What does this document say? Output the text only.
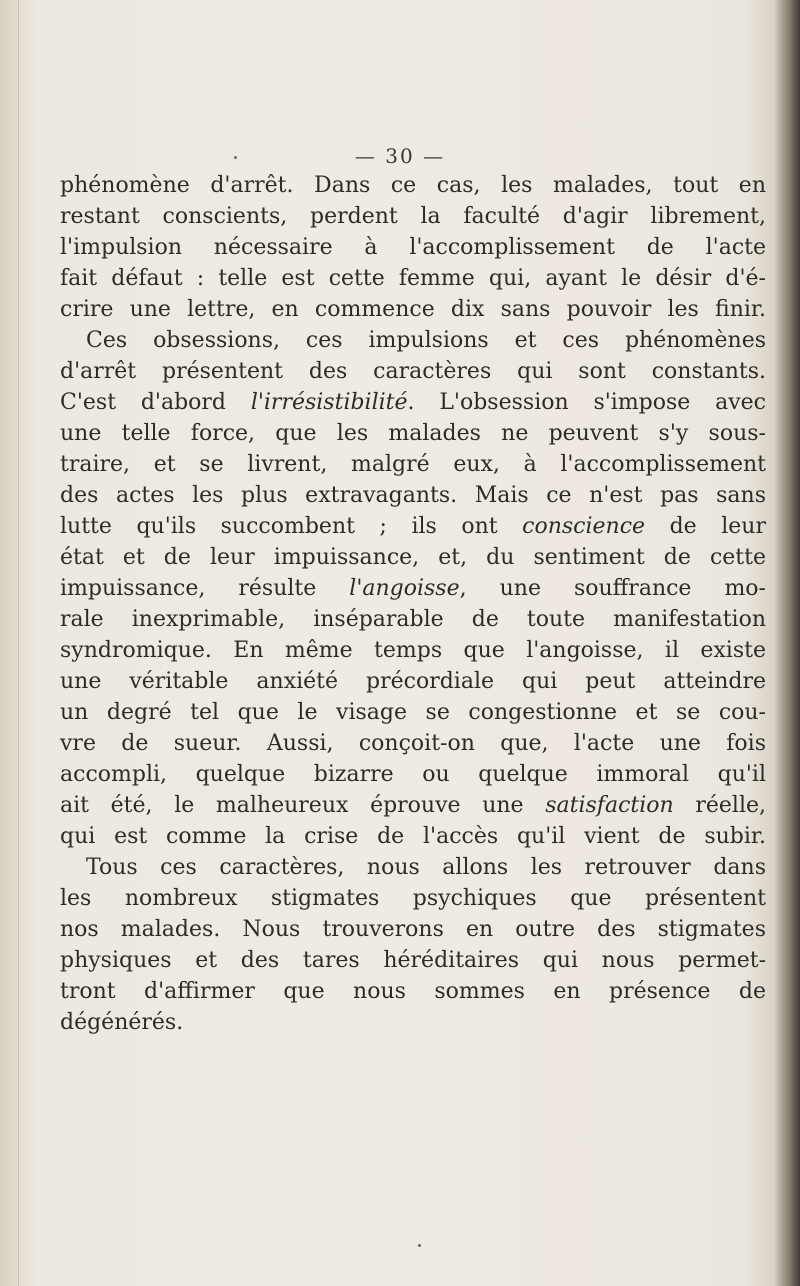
— 30 —
phénomène d'arrêt. Dans ce cas, les malades, tout en
restant conscients, perdent la faculté d'agir librement,
l'impulsion nécessaire à l'accomplissement de l'acte
fait défaut : telle est cette femme qui, ayant le désir d'é-
crire une lettre, en commence dix sans pouvoir les finir.
Ces obsessions, ces impulsions et ces phénomènes
d'arrêt présentent des caractères qui sont constants.
C'est d'abord l'irrésistibilité. L'obsession s'impose avec
une telle force, que les malades ne peuvent s'y sous-
traire, et se livrent, malgré eux, à l'accomplissement
des actes les plus extravagants. Mais ce n'est pas sans
lutte qu'ils succombent ; ils ont conscience de leur
état et de leur impuissance, et, du sentiment de cette
impuissance, résulte l'angoisse, une souffrance mo-
rale inexprimable, inséparable de toute manifestation
syndromique. En même temps que l'angoisse, il existe
une véritable anxiété précordiale qui peut atteindre
un degré tel que le visage se congestionne et se cou-
vre de sueur. Aussi, conçoit-on que, l'acte une fois
accompli, quelque bizarre ou quelque immoral qu'il
ait été, le malheureux éprouve une satisfaction réelle,
qui est comme la crise de l'accès qu'il vient de subir.
Tous ces caractères, nous allons les retrouver dans
les nombreux stigmates psychiques que présentent
nos malades. Nous trouverons en outre des stigmates
physiques et des tares héréditaires qui nous permet-
tront d'affirmer que nous sommes en présence de
dégénérés.
